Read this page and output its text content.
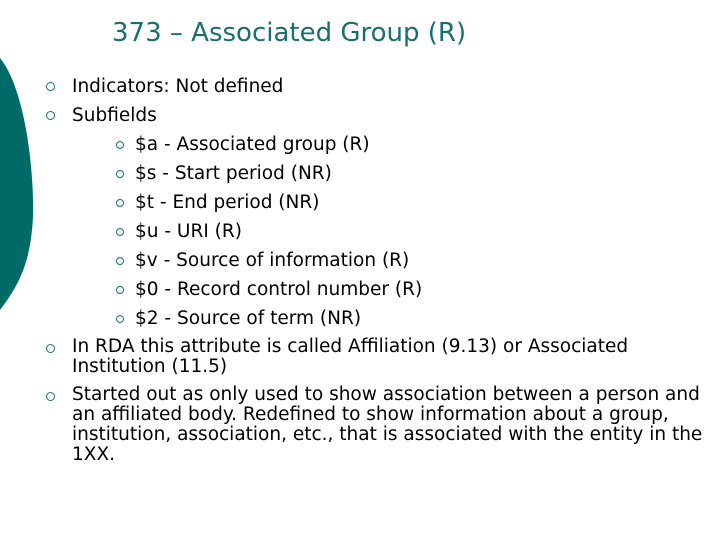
373 – Associated Group (R)
Indicators: Not defined
Subfields
$a - Associated group (R)
$s - Start period (NR)
$t - End period (NR)
$u - URI (R)
$v - Source of information (R)
$0 - Record control number (R)
$2 - Source of term (NR)
In RDA this attribute is called Affiliation (9.13) or Associated Institution (11.5)
Started out as only used to show association between a person and an affiliated body. Redefined to show information about a group, institution, association, etc., that is associated with the entity in the 1XX.
